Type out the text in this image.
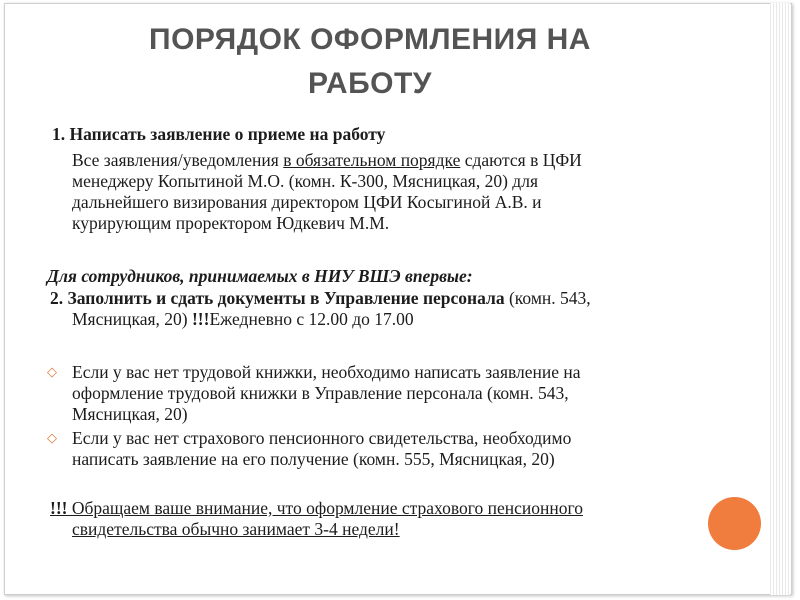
ПОРЯДОК ОФОРМЛЕНИЯ НА
РАБОТУ
1. Написать заявление о приеме на работу
Все заявления/уведомления в обязательном порядке сдаются в ЦФИ
менеджеру Копытиной М.О. (комн. К-300, Мясницкая, 20) для
дальнейшего визирования директором ЦФИ Косыгиной А.В. и
курирующим проректором Юдкевич М.М.
Для сотрудников, принимаемых в НИУ ВШЭ впервые:
2. Заполнить и сдать документы в Управление персонала (комн. 543,
Мясницкая, 20) !!!Ежедневно с 12.00 до 17.00
◇ Если у вас нет трудовой книжки, необходимо написать заявление на
оформление трудовой книжки в Управление персонала (комн. 543,
Мясницкая, 20)
◇ Если у вас нет страхового пенсионного свидетельства, необходимо
написать заявление на его получение (комн. 555, Мясницкая, 20)
!!! Обращаем ваше внимание, что оформление страхового пенсионного
свидетельства обычно занимает 3-4 недели!
